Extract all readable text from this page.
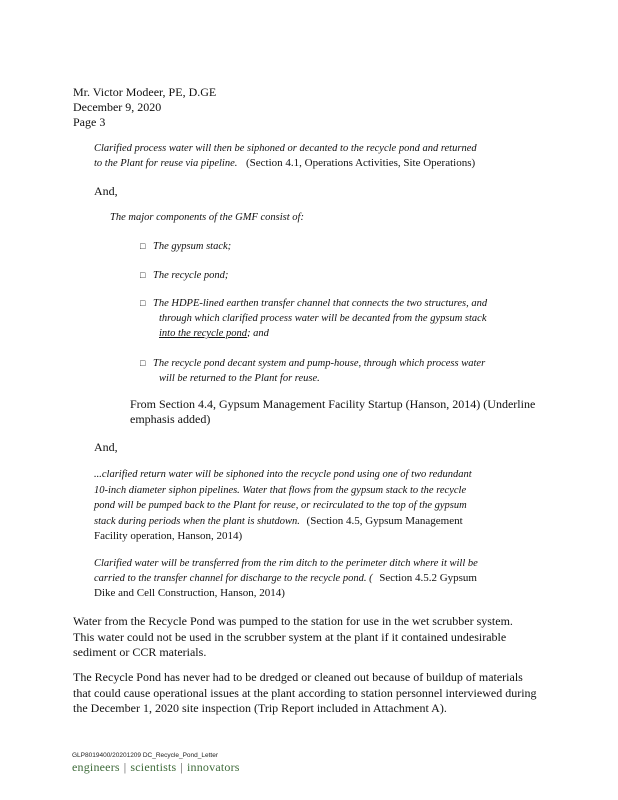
Mr. Victor Modeer, PE, D.GE
December 9, 2020
Page 3
Clarified process water will then be siphoned or decanted to the recycle pond and returned
to the Plant for reuse via pipeline. (Section 4.1, Operations Activities, Site Operations)
And,
The major components of the GMF consist of:
□ The gypsum stack;
□ The recycle pond;
□ The HDPE-lined earthen transfer channel that connects the two structures, and
through which clarified process water will be decanted from the gypsum stack
into the recycle pond; and
□ The recycle pond decant system and pump-house, through which process water
will be returned to the Plant for reuse.
From Section 4.4, Gypsum Management Facility Startup (Hanson, 2014) (Underline
emphasis added)
And,
...clarified return water will be siphoned into the recycle pond using one of two redundant
10-inch diameter siphon pipelines. Water that flows from the gypsum stack to the recycle
pond will be pumped back to the Plant for reuse, or recirculated to the top of the gypsum
stack during periods when the plant is shutdown. (Section 4.5, Gypsum Management
Facility operation, Hanson, 2014)
Clarified water will be transferred from the rim ditch to the perimeter ditch where it will be
carried to the transfer channel for discharge to the recycle pond. ( Section 4.5.2 Gypsum
Dike and Cell Construction, Hanson, 2014)
Water from the Recycle Pond was pumped to the station for use in the wet scrubber system.
This water could not be used in the scrubber system at the plant if it contained undesirable
sediment or CCR materials.
The Recycle Pond has never had to be dredged or cleaned out because of buildup of materials
that could cause operational issues at the plant according to station personnel interviewed during
the December 1, 2020 site inspection (Trip Report included in Attachment A).
GLP8019400/20201209 DC_Recycle_Pond_Letter
engineers | scientists | innovators
